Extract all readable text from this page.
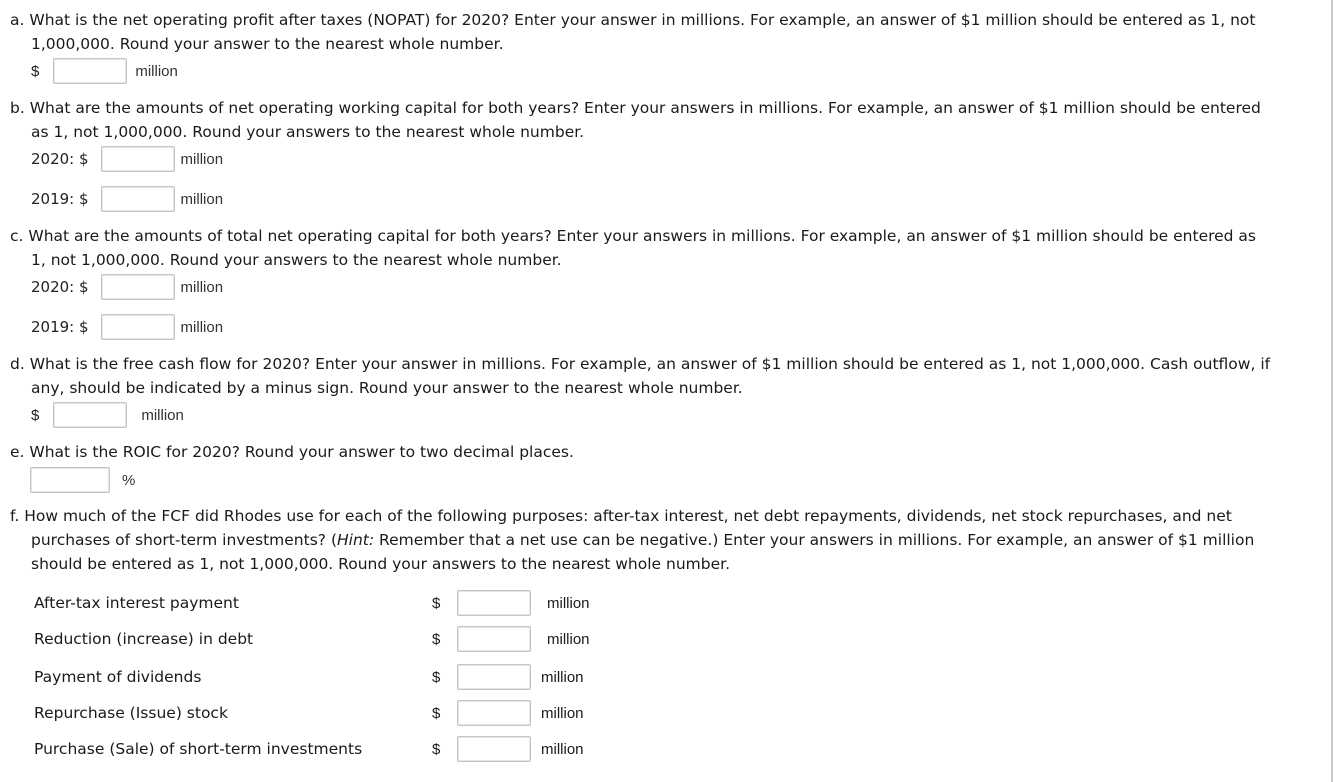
a. What is the net operating profit after taxes (NOPAT) for 2020? Enter your answer in millions. For example, an answer of $1 million should be entered as 1, not
1,000,000. Round your answer to the nearest whole number.
$	million
b. What are the amounts of net operating working capital for both years? Enter your answers in millions. For example, an answer of $1 million should be entered
as 1, not 1,000,000. Round your answers to the nearest whole number.
2020: $	million
2019: $	million
c. What are the amounts of total net operating capital for both years? Enter your answers in millions. For example, an answer of $1 million should be entered as
1, not 1,000,000. Round your answers to the nearest whole number.
2020: $	million
2019: $	million
d. What is the free cash flow for 2020? Enter your answer in millions. For example, an answer of $1 million should be entered as 1, not 1,000,000. Cash outflow, if
any, should be indicated by a minus sign. Round your answer to the nearest whole number.
$	million
e. What is the ROIC for 2020? Round your answer to two decimal places.
%
f. How much of the FCF did Rhodes use for each of the following purposes: after-tax interest, net debt repayments, dividends, net stock repurchases, and net
purchases of short-term investments? (Hint: Remember that a net use can be negative.) Enter your answers in millions. For example, an answer of $1 million
should be entered as 1, not 1,000,000. Round your answers to the nearest whole number.
After-tax interest payment	$	million
Reduction (increase) in debt	$	million
Payment of dividends	$	million
Repurchase (Issue) stock	$	million
Purchase (Sale) of short-term investments	$	million
